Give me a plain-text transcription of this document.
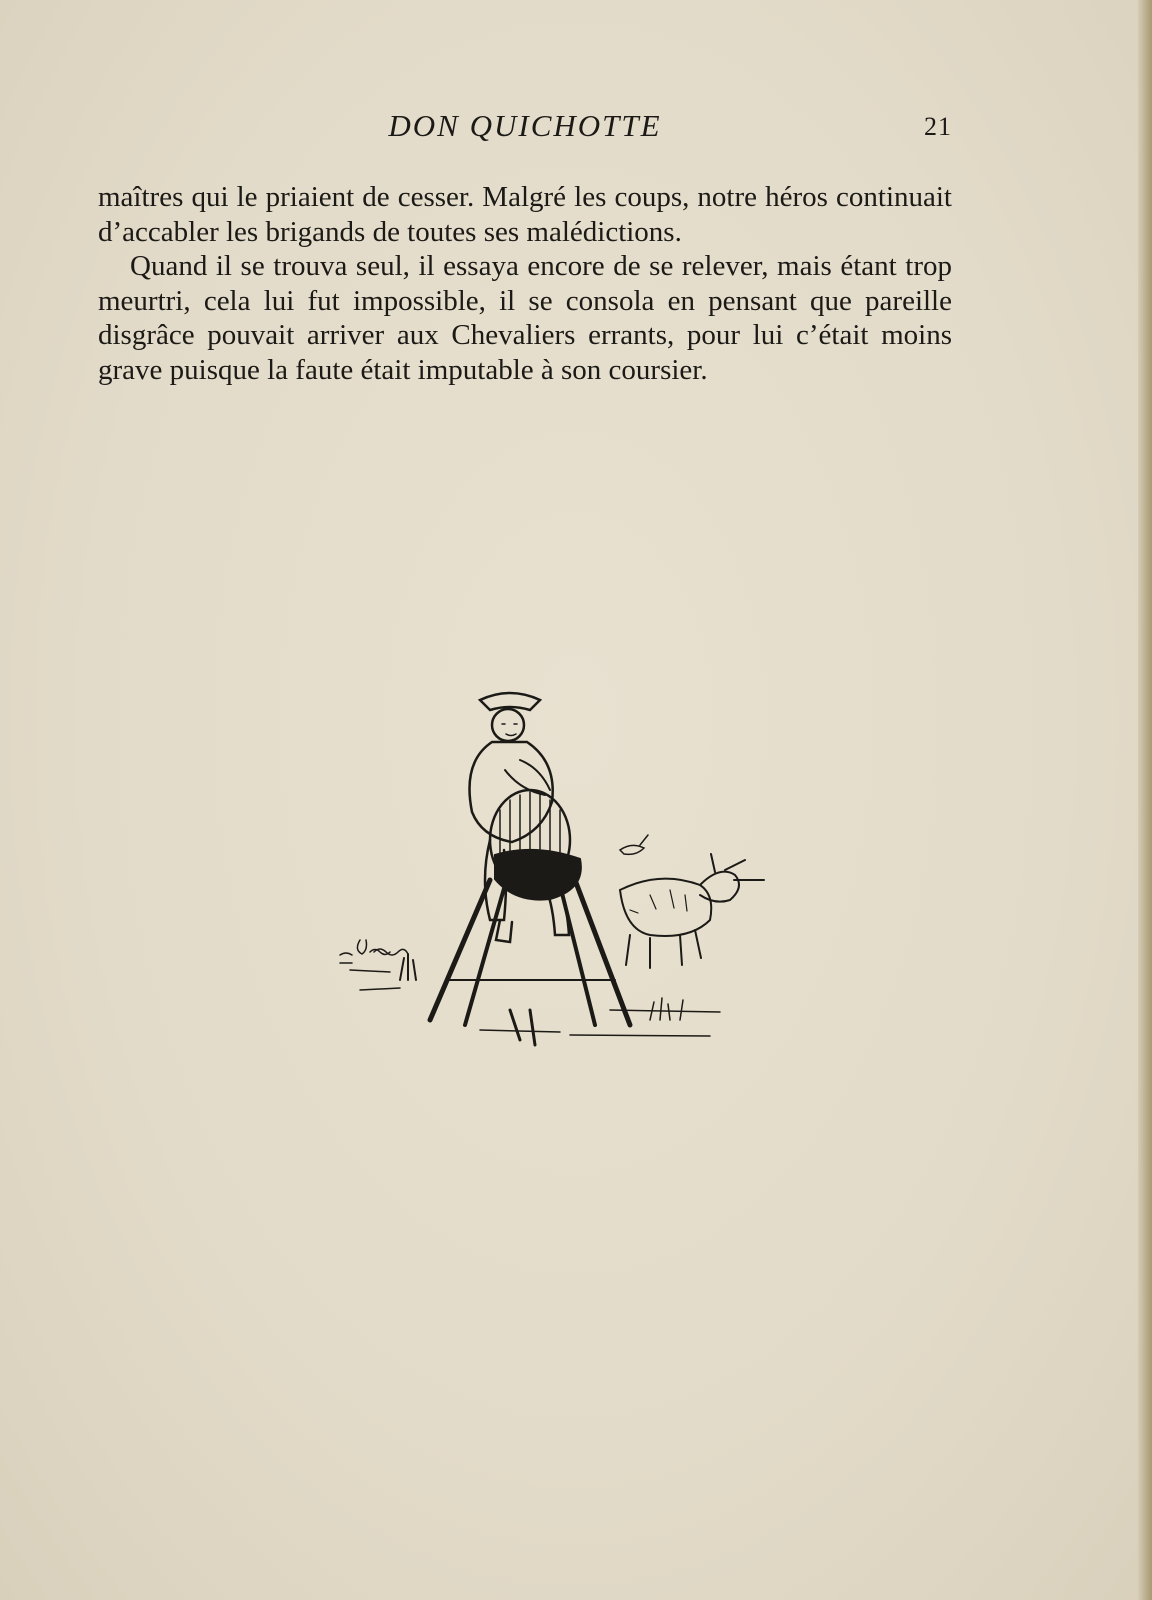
DON QUICHOTTE	21

maîtres qui le priaient de cesser. Malgré les coups, notre héros continuait d’accabler les brigands de toutes ses malédictions.

Quand il se trouva seul, il essaya encore de se relever, mais étant trop meurtri, cela lui fut impossible, il se consola en pensant que pareille disgrâce pouvait arriver aux Chevaliers errants, pour lui c’était moins grave puisque la faute était imputable à son coursier.
